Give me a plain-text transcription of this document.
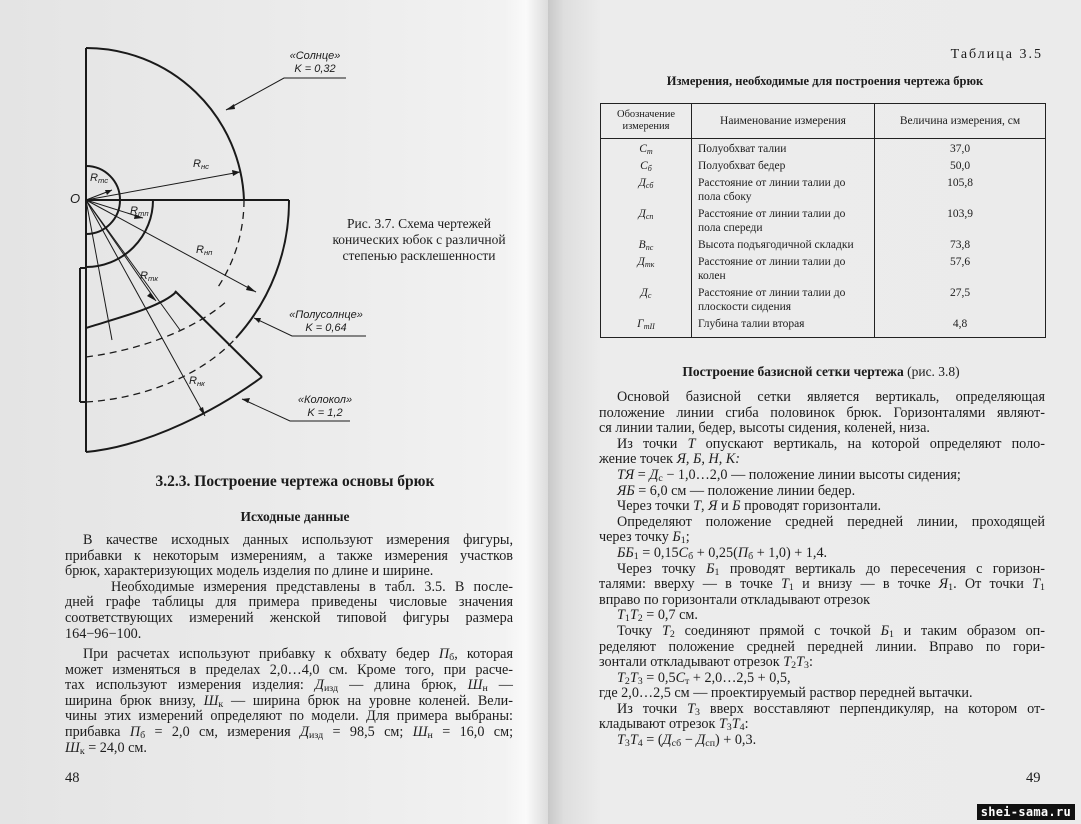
O
$R_{тс}$
$R_{нс}$
$R_{тп}$
$R_{нп}$
$R_{тк}$
$R_{нк}$
«Солнце»
K = 0,32
«Полусолнце»
K = 0,64
«Колокол»
K = 1,2
Рис. 3.7. Схема чертежей
конических юбок с различной
степенью расклешенности
3.2.3. Построение чертежа основы брюк
Исходные данные
В качестве исходных данных используют измерения фигуры,
прибавки к некоторым измерениям, а также измерения участков
брюк, характеризующих модель изделия по длине и ширине.
Необходимые измерения представлены в табл. 3.5. В после-
дней графе таблицы для примера приведены числовые значения
соответствующих измерений женской типовой фигуры размера
164−96−100.
При расчетах используют прибавку к обхвату бедер $П_б$, которая
может изменяться в пределах 2,0…4,0 см. Кроме того, при расче-
тах используют измерения изделия: $Д_{изд}$ — длина брюк, $Ш_н$ —
ширина брюк внизу, $Ш_к$ — ширина брюк на уровне коленей. Вели-
чины этих измерений определяют по модели. Для примера выбраны:
прибавка $П_б = 2,0$ см, измерения $Д_{изд} = 98,5$ см; $Ш_н = 16,0$ см;
$Ш_к = 24,0$ см.
48
Таблица 3.5
Измерения, необходимые для построения чертежа брюк
Обозначение измерения	Наименование измерения	Величина измерения, см
$C_т$	Полуобхват талии	37,0
$C_б$	Полуобхват бедер	50,0
$Д_{сб}$	Расстояние от линии талии до пола сбоку	105,8
$Д_{сп}$	Расстояние от линии талии до пола спереди	103,9
$В_{пс}$	Высота подъягодичной складки	73,8
$Д_{тк}$	Расстояние от линии талии до колен	57,6
$Д_с$	Расстояние от линии талии до плоскости сидения	27,5
$Г_{тII}$	Глубина талии вторая	4,8
Построение базисной сетки чертежа (рис. 3.8)
Основой базисной сетки является вертикаль, определяющая
положение линии сгиба половинок брюк. Горизонталями являют-
ся линии талии, бедер, высоты сидения, коленей, низа.
Из точки Т опускают вертикаль, на которой определяют поло-
жение точек Я, Б, Н, К:
ТЯ = $Д_с$ − 1,0…2,0 — положение линии высоты сидения;
ЯБ = 6,0 см — положение линии бедер.
Через точки Т, Я и Б проводят горизонтали.
Определяют положение средней передней линии, проходящей
через точку $Б_1$;
$ББ_1 = 0,15С_б + 0,25(П_б + 1,0) + 1,4$.
Через точку $Б_1$ проводят вертикаль до пересечения с горизон-
талями: вверху — в точке $Т_1$ и внизу — в точке $Я_1$. От точки $Т_1$
вправо по горизонтали откладывают отрезок
$Т_1Т_2 = 0,7$ см.
Точку $Т_2$ соединяют прямой с точкой $Б_1$ и таким образом оп-
ределяют положение средней передней линии. Вправо по гори-
зонтали откладывают отрезок $Т_2Т_3$:
$Т_2Т_3 = 0,5С_т$ + 2,0…2,5 + 0,5,
где 2,0…2,5 см — проектируемый раствор передней вытачки.
Из точки $Т_3$ вверх восставляют перпендикуляр, на котором от-
кладывают отрезок $Т_3Т_4$:
$Т_3Т_4 = (Д_{сб} - Д_{сп}) + 0,3$.
49
shei-sama.ru
